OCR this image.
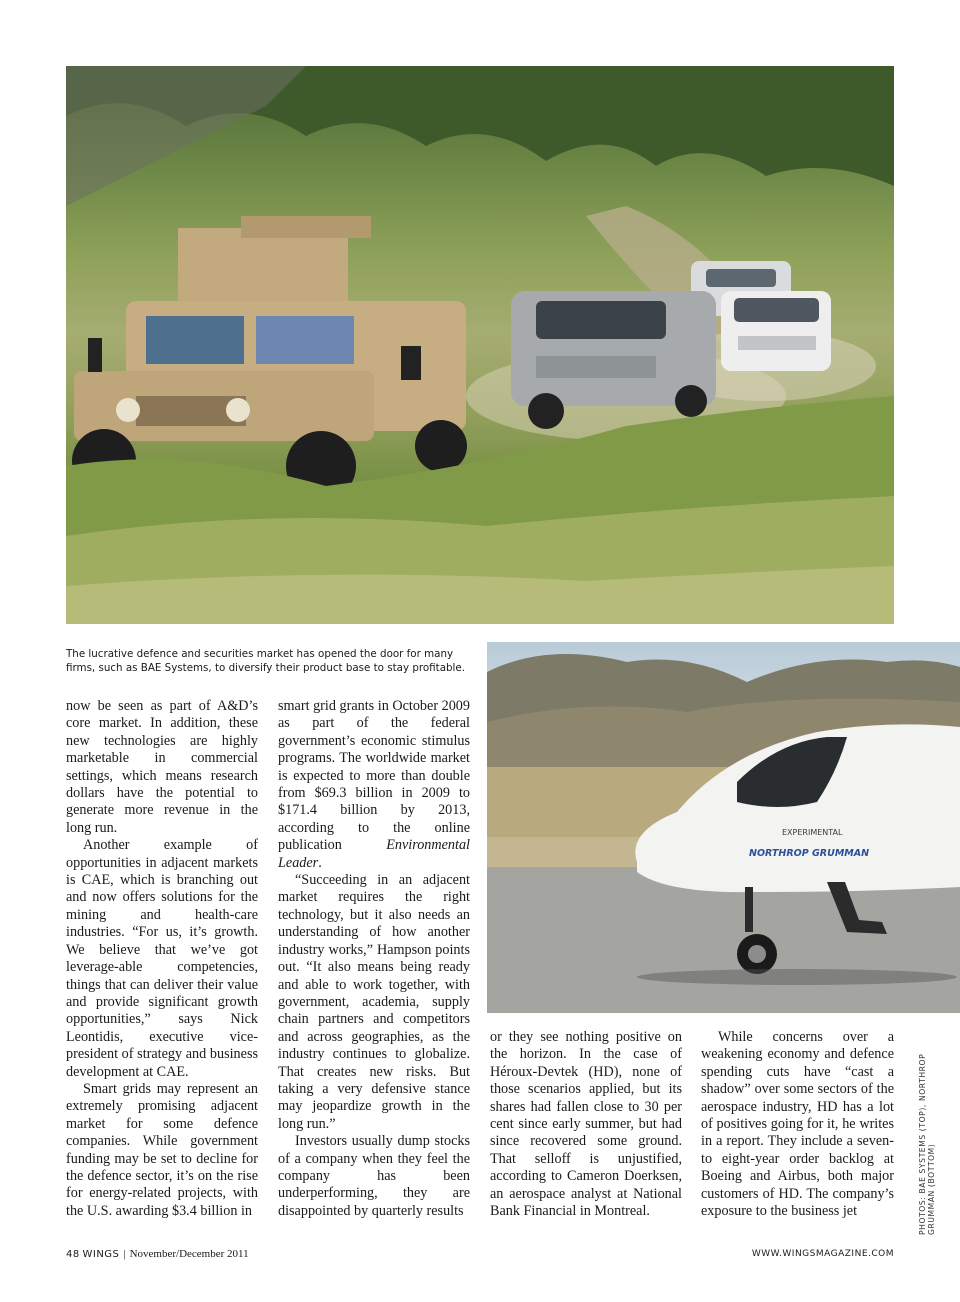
The lucrative defence and securities market has opened the door for many firms, such as BAE Systems, to diversify their product base to stay profitable.
EXPERIMENTAL
NORTHROP GRUMMAN

now be seen as part of A&D’s core market. In addition, these new technologies are highly marketable in commercial settings, which means research dollars have the potential to generate more revenue in the long run.

Another example of opportunities in adjacent markets is CAE, which is branching out and now offers solutions for the mining and health-care industries. “For us, it’s growth. We believe that we’ve got leverage-able competencies, things that can deliver their value and provide significant growth opportunities,” says Nick Leontidis, executive vice-president of strategy and business development at CAE.

Smart grids may represent an extremely promising adjacent market for some defence companies. While government funding may be set to decline for the defence sector, it’s on the rise for energy-related projects, with the U.S. awarding $3.4 billion in

smart grid grants in October 2009 as part of the federal government’s economic stimulus programs. The worldwide market is expected to more than double from $69.3 billion in 2009 to $171.4 billion by 2013, according to the online publication Environmental Leader.

“Succeeding in an adjacent market requires the right technology, but it also needs an understanding of how another industry works,” Hampson points out. “It also means being ready and able to work together, with government, academia, supply chain partners and competitors and across geographies, as the industry continues to globalize. That creates new risks. But taking a very defensive stance may jeopardize growth in the long run.”

Investors usually dump stocks of a company when they feel the company has been underperforming, they are disappointed by quarterly results

or they see nothing positive on the horizon. In the case of Héroux-Devtek (HD), none of those scenarios applied, but its shares had fallen close to 30 per cent since early summer, but had since recovered some ground. That selloff is unjustified, according to Cameron Doerksen, an aerospace analyst at National Bank Financial in Montreal.

While concerns over a weakening economy and defence spending cuts have “cast a shadow” over some sectors of the aerospace industry, HD has a lot of positives going for it, he writes in a report. They include a seven- to eight-year order backlog at Boeing and Airbus, both major customers of HD. The company’s exposure to the business jet	PHOTOS: BAE SYSTEMS (TOP), NORTHROP GRUMMAN (BOTTOM)
48 WINGS | November/December 2011	WWW.WINGSMAGAZINE.COM
